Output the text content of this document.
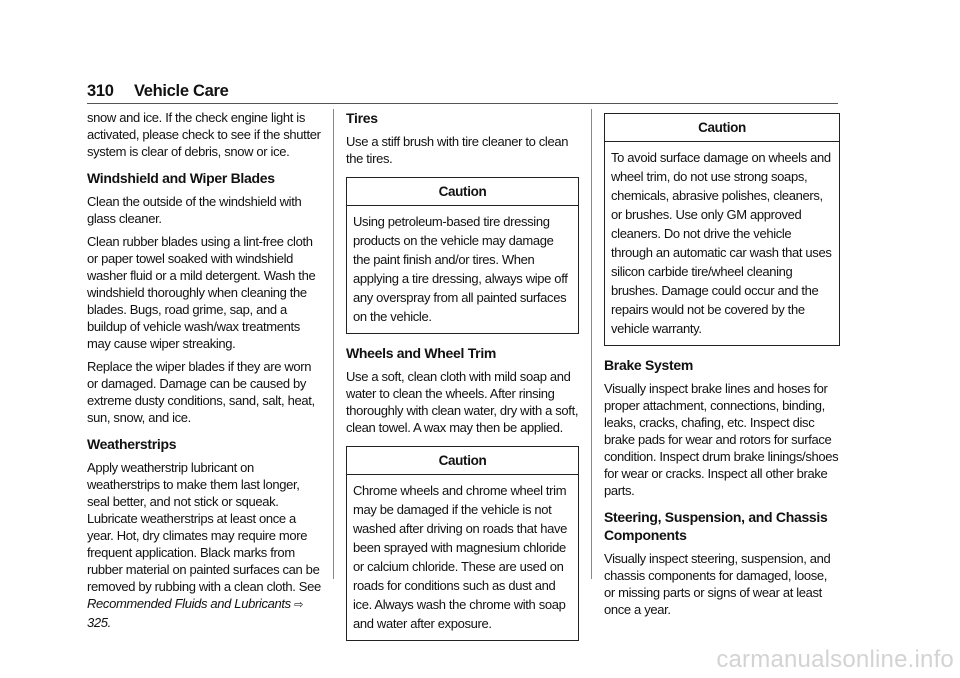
310 Vehicle Care

snow and ice. If the check engine light is activated, please check to see if the shutter system is clear of debris, snow or ice.

Windshield and Wiper Blades

Clean the outside of the windshield with glass cleaner.

Clean rubber blades using a lint-free cloth or paper towel soaked with windshield washer fluid or a mild detergent. Wash the windshield thoroughly when cleaning the blades. Bugs, road grime, sap, and a buildup of vehicle wash/wax treatments may cause wiper streaking.

Replace the wiper blades if they are worn or damaged. Damage can be caused by extreme dusty conditions, sand, salt, heat, sun, snow, and ice.

Weatherstrips

Apply weatherstrip lubricant on weatherstrips to make them last longer, seal better, and not stick or squeak. Lubricate weatherstrips at least once a year. Hot, dry climates may require more frequent application. Black marks from rubber material on painted surfaces can be removed by rubbing with a clean cloth. See Recommended Fluids and Lubricants ⇨ 325.

Tires

Use a stiff brush with tire cleaner to clean the tires.

Caution
Using petroleum-based tire dressing products on the vehicle may damage the paint finish and/or tires. When applying a tire dressing, always wipe off any overspray from all painted surfaces on the vehicle.
Wheels and Wheel Trim

Use a soft, clean cloth with mild soap and water to clean the wheels. After rinsing thoroughly with clean water, dry with a soft, clean towel. A wax may then be applied.

Caution
Chrome wheels and chrome wheel trim may be damaged if the vehicle is not washed after driving on roads that have been sprayed with magnesium chloride or calcium chloride. These are used on roads for conditions such as dust and ice. Always wash the chrome with soap and water after exposure.
Caution
To avoid surface damage on wheels and wheel trim, do not use strong soaps, chemicals, abrasive polishes, cleaners, or brushes. Use only GM approved cleaners. Do not drive the vehicle through an automatic car wash that uses silicon carbide tire/wheel cleaning brushes. Damage could occur and the repairs would not be covered by the vehicle warranty.
Brake System

Visually inspect brake lines and hoses for proper attachment, connections, binding, leaks, cracks, chafing, etc. Inspect disc brake pads for wear and rotors for surface condition. Inspect drum brake linings/shoes for wear or cracks. Inspect all other brake parts.

Steering, Suspension, and Chassis Components

Visually inspect steering, suspension, and chassis components for damaged, loose, or missing parts or signs of wear at least once a year.

carmanualsonline.info
